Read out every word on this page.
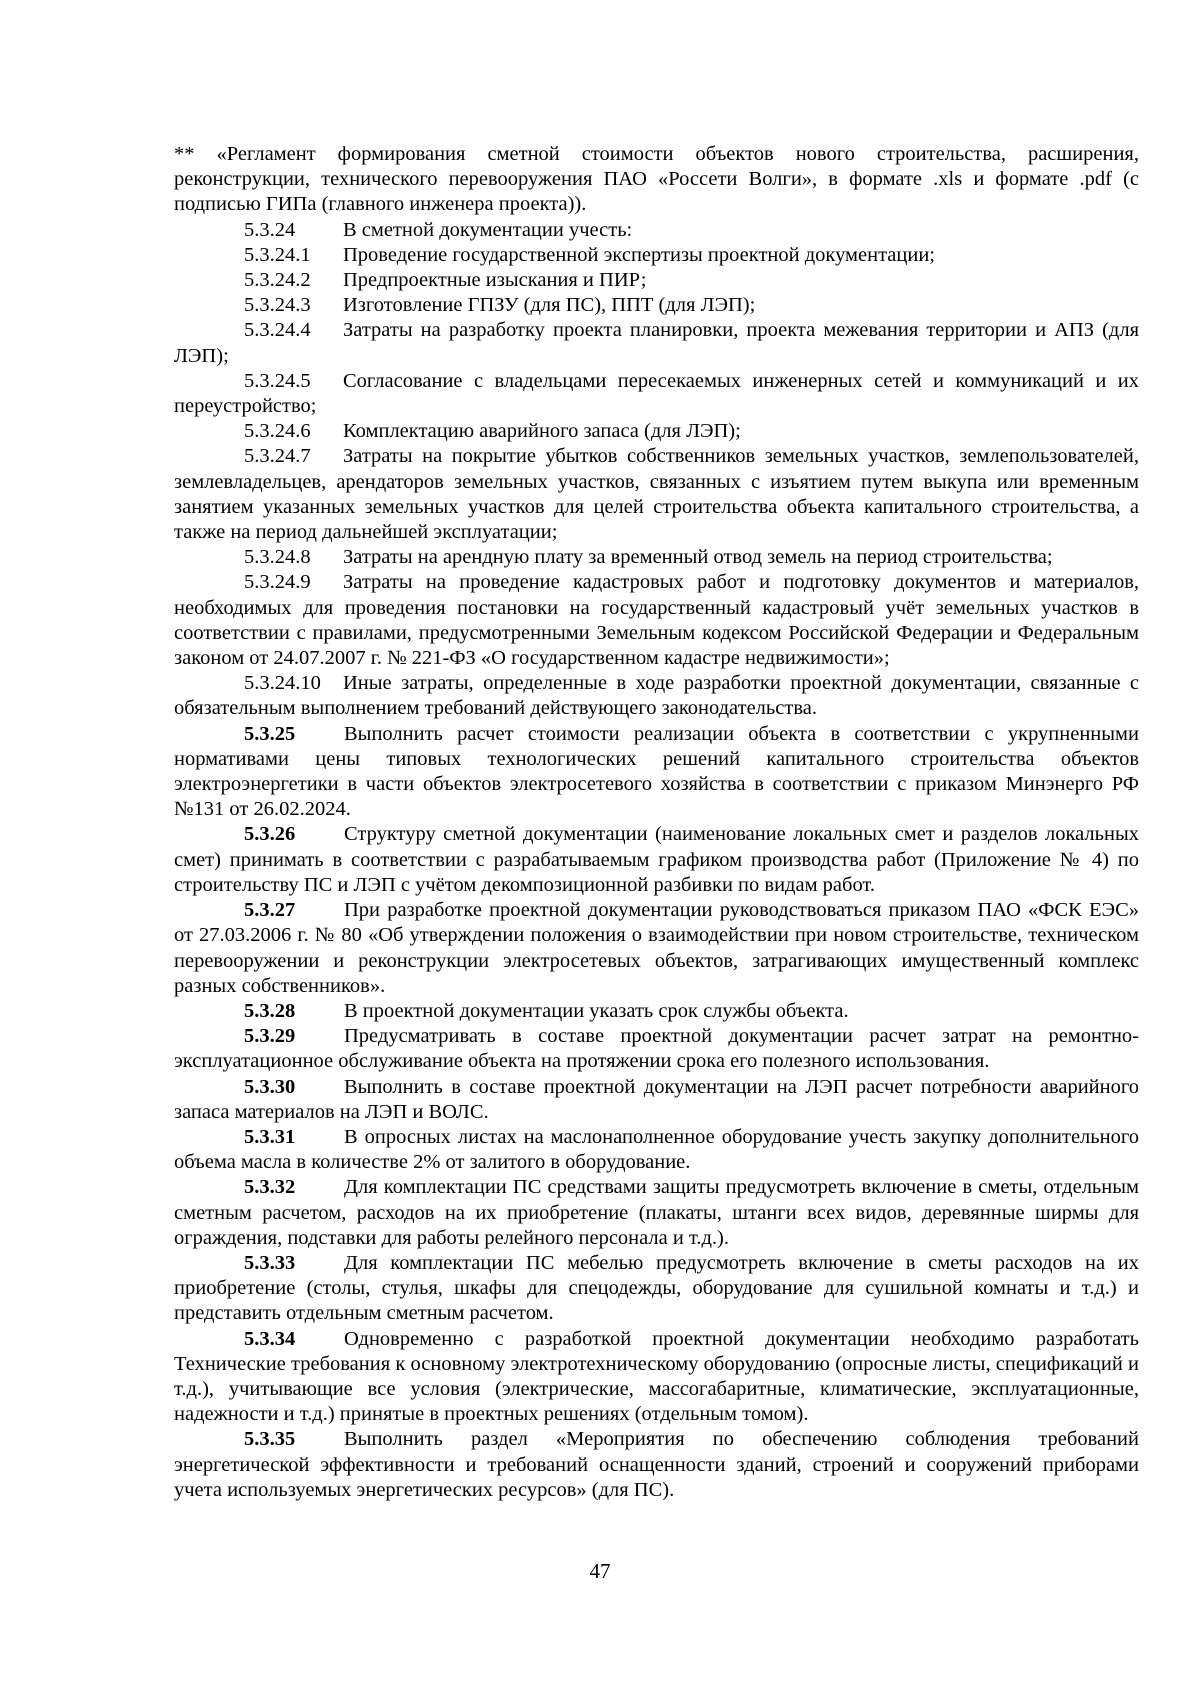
** «Регламент формирования сметной стоимости объектов нового строительства, расширения, реконструкции, технического перевооружения ПАО «Россети Волги», в формате .xls и формате .pdf (с подписью ГИПа (главного инженера проекта)).

5.3.24 В сметной документации учесть:

5.3.24.1 Проведение государственной экспертизы проектной документации;

5.3.24.2 Предпроектные изыскания и ПИР;

5.3.24.3 Изготовление ГПЗУ (для ПС), ППТ (для ЛЭП);

5.3.24.4 Затраты на разработку проекта планировки, проекта межевания территории и АПЗ (для ЛЭП);

5.3.24.5 Согласование с владельцами пересекаемых инженерных сетей и коммуникаций и их переустройство;

5.3.24.6 Комплектацию аварийного запаса (для ЛЭП);

5.3.24.7 Затраты на покрытие убытков собственников земельных участков, землепользователей, землевладельцев, арендаторов земельных участков, связанных с изъятием путем выкупа или временным занятием указанных земельных участков для целей строительства объекта капитального строительства, а также на период дальнейшей эксплуатации;

5.3.24.8 Затраты на арендную плату за временный отвод земель на период строительства;

5.3.24.9 Затраты на проведение кадастровых работ и подготовку документов и материалов, необходимых для проведения постановки на государственный кадастровый учёт земельных участков в соответствии с правилами, предусмотренными Земельным кодексом Российской Федерации и Федеральным законом от 24.07.2007 г. № 221-ФЗ «О государственном кадастре недвижимости»;

5.3.24.10 Иные затраты, определенные в ходе разработки проектной документации, связанные с обязательным выполнением требований действующего законодательства.

5.3.25 Выполнить расчет стоимости реализации объекта в соответствии с укрупненными нормативами цены типовых технологических решений капитального строительства объектов электроэнергетики в части объектов электросетевого хозяйства в соответствии с приказом Минэнерго РФ №131 от 26.02.2024.

5.3.26 Структуру сметной документации (наименование локальных смет и разделов локальных смет) принимать в соответствии с разрабатываемым графиком производства работ (Приложение № 4) по строительству ПС и ЛЭП с учётом декомпозиционной разбивки по видам работ.

5.3.27 При разработке проектной документации руководствоваться приказом ПАО «ФСК ЕЭС» от 27.03.2006 г. № 80 «Об утверждении положения о взаимодействии при новом строительстве, техническом перевооружении и реконструкции электросетевых объектов, затрагивающих имущественный комплекс разных собственников».

5.3.28 В проектной документации указать срок службы объекта.

5.3.29 Предусматривать в составе проектной документации расчет затрат на ремонтно-эксплуатационное обслуживание объекта на протяжении срока его полезного использования.

5.3.30 Выполнить в составе проектной документации на ЛЭП расчет потребности аварийного запаса материалов на ЛЭП и ВОЛС.

5.3.31 В опросных листах на маслонаполненное оборудование учесть закупку дополнительного объема масла в количестве 2% от залитого в оборудование.

5.3.32 Для комплектации ПС средствами защиты предусмотреть включение в сметы, отдельным сметным расчетом, расходов на их приобретение (плакаты, штанги всех видов, деревянные ширмы для ограждения, подставки для работы релейного персонала и т.д.).

5.3.33 Для комплектации ПС мебелью предусмотреть включение в сметы расходов на их приобретение (столы, стулья, шкафы для спецодежды, оборудование для сушильной комнаты и т.д.) и представить отдельным сметным расчетом.

5.3.34 Одновременно с разработкой проектной документации необходимо разработать Технические требования к основному электротехническому оборудованию (опросные листы, спецификаций и т.д.), учитывающие все условия (электрические, массогабаритные, климатические, эксплуатационные, надежности и т.д.) принятые в проектных решениях (отдельным томом).

5.3.35 Выполнить раздел «Мероприятия по обеспечению соблюдения требований энергетической эффективности и требований оснащенности зданий, строений и сооружений приборами учета используемых энергетических ресурсов» (для ПС).

47
